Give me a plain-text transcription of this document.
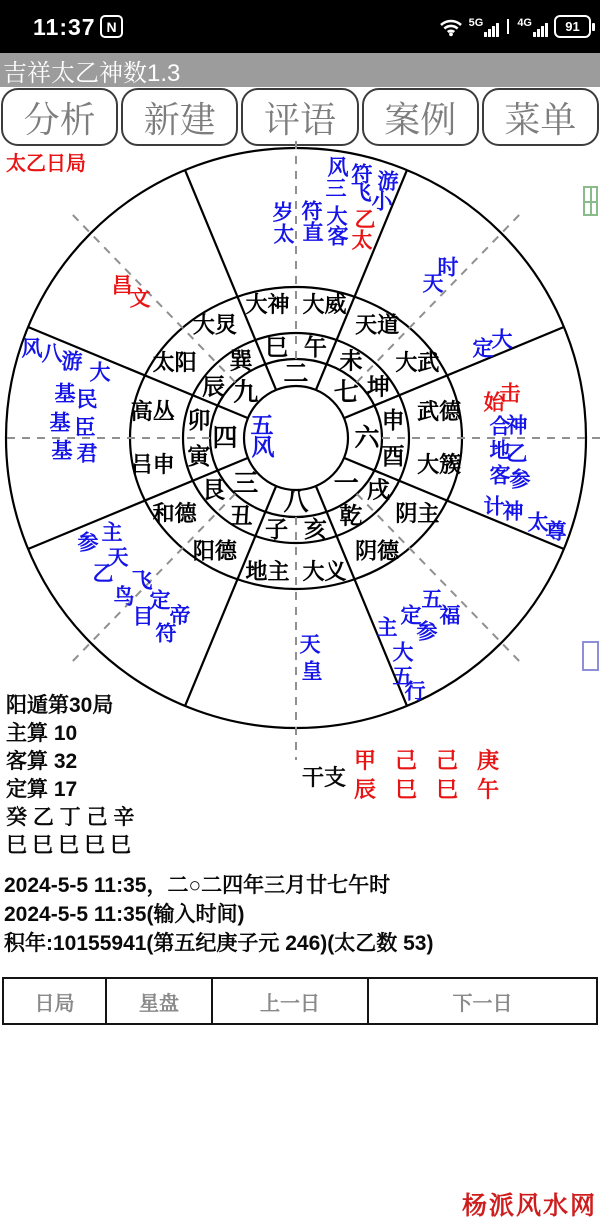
11:37 N	5G	4G	91
吉祥太乙神数1.3
分析	新建	评语	案例	菜单
太乙日局
二
七
六
一
八
三
四
九
巳 午
未
坤
申
酉
戌
乾
亥
子
丑
艮
寅
卯
辰
巽
大神 大威
天道
大武
武德
大簇
阴主
阴德
大义
地主
阳德
和德
吕申
高丛
太阳
大炅
岁
太
符
直
大
客
风
三
符
飞 游
小
乙
太
时
天
大
定
始
击
合
神
地
乙
客 参
计
神 太
尊
五
福
定
参
主
大
五
行
天
皇
参 主
乙
天
鸟
飞
目
定
符
帝
风 八 游 大
基 民
基 臣
基 君
昌
文
五
风
阳遁第30局
主算 10
客算 32
定算 17
癸 乙 丁 己 辛
巳巳巳巳巳
干支
甲 己 己 庚
辰 巳 巳 午
2024-5-5 11:35，二○二四年三月廿七午时
2024-5-5 11:35(输入时间)
积年:10155941(第五纪庚子元 246)(太乙数 53)
日局	星盘	上一日	下一日
杨派风水网
